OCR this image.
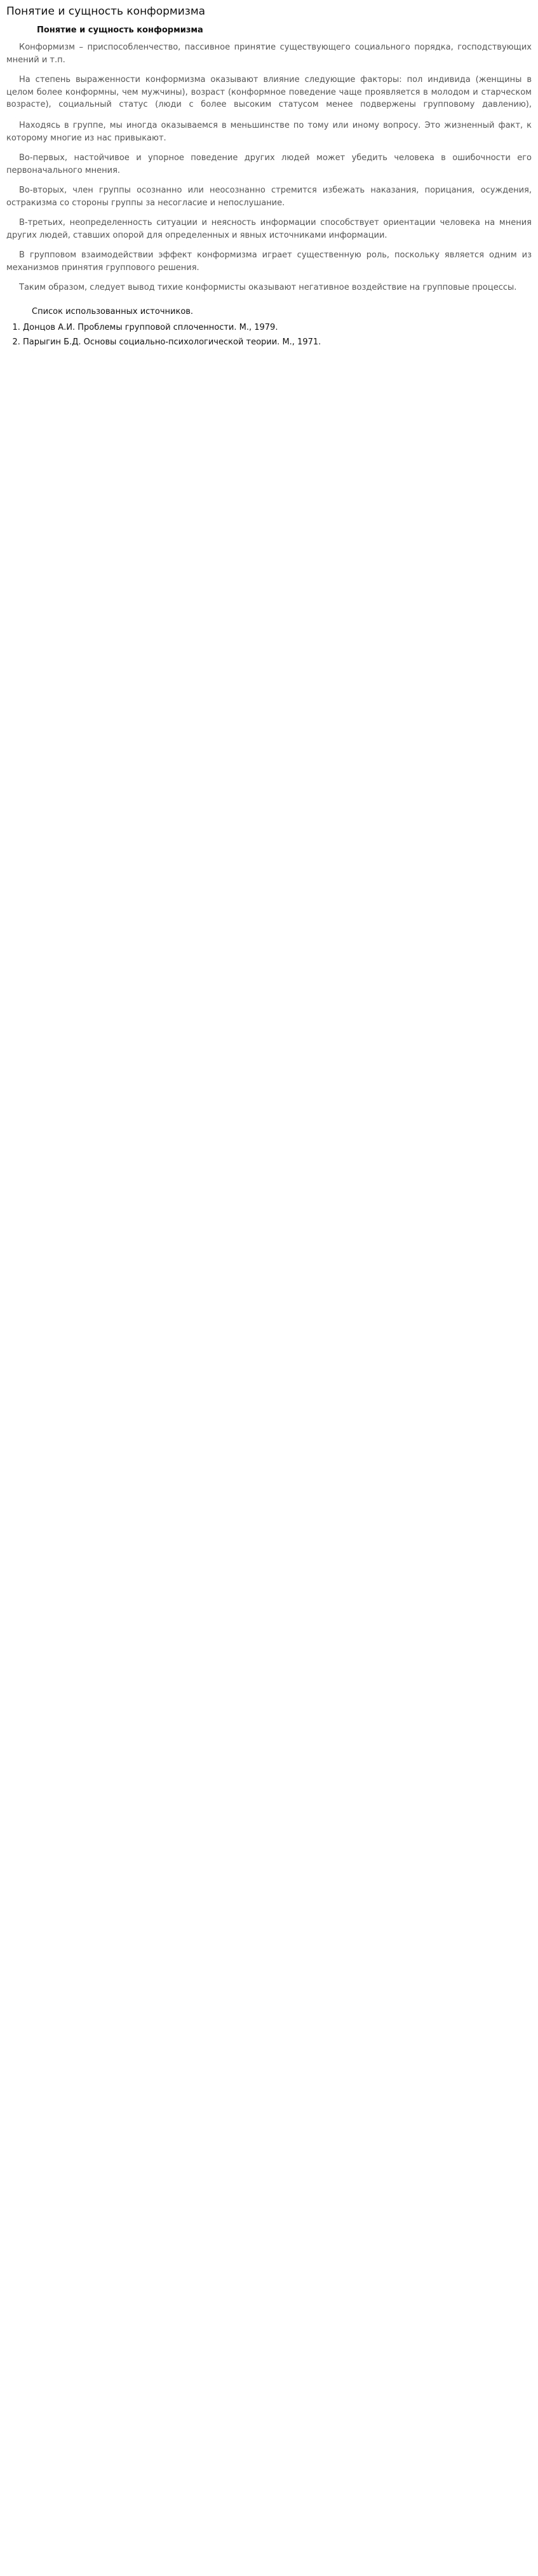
Понятие и сущность конформизма
Понятие и сущность конформизма

Конформизм – приспособленчество, пассивное принятие существующего социального порядка, господствующих мнений и т.п.

На степень выраженности конформизма оказывают влияние следующие факторы: пол индивида (женщины в целом более конформны, чем мужчины), возраст (конформное поведение чаще проявляется в молодом и старческом возрасте), социальный статус (люди с более высоким статусом менее подвержены групповому давлению),

Находясь в группе, мы иногда оказываемся в меньшинстве по тому или иному вопросу. Это жизненный факт, к которому многие из нас привыкают.

Во-первых, настойчивое и упорное поведение других людей может убедить человека в ошибочности его первоначального мнения.

Во-вторых, член группы осознанно или неосознанно стремится избежать наказания, порицания, осуждения, остракизма со стороны группы за несогласие и непослушание.

В-третьих, неопределенность ситуации и неясность информации способствует ориентации человека на мнения других людей, ставших опорой для определенных и явных источниками информации.

В групповом взаимодействии эффект конформизма играет существенную роль, поскольку является одним из механизмов принятия группового решения.

Таким образом, следует вывод тихие конформисты оказывают негативное воздействие на групповые процессы.

Список использованных источников.
1. Донцов А.И. Проблемы групповой сплоченности. М., 1979.
2. Парыгин Б.Д. Основы социально-психологической теории. М., 1971.
